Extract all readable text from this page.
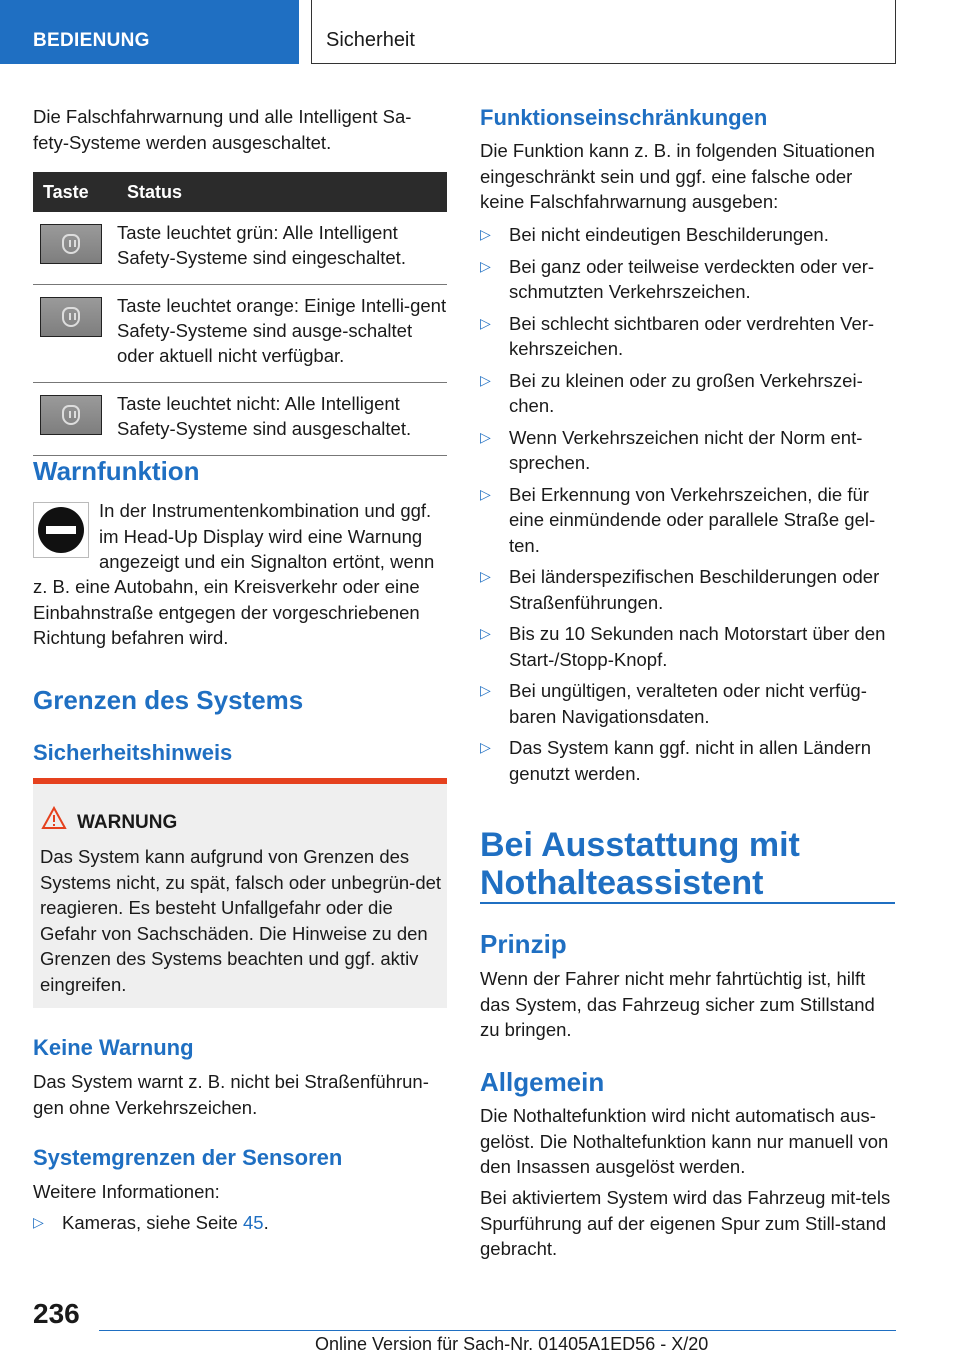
BEDIENUNG	Sicherheit

Die Falschfahrwarnung und alle Intelligent Sa-
fety-Systeme werden ausgeschaltet.

Taste	Status

	Taste leuchtet grün: Alle Intelligent Safety-Systeme sind eingeschaltet.

	Taste leuchtet orange: Einige Intelli-gent Safety-Systeme sind ausge-schaltet oder aktuell nicht verfügbar.

	Taste leuchtet nicht: Alle Intelligent Safety-Systeme sind ausgeschaltet.
Warnfunktion

In der Instrumentenkombination und ggf. im Head-Up Display wird eine Warnung angezeigt und ein Signalton ertönt, wenn

z. B. eine Autobahn, ein Kreisverkehr oder eine Einbahnstraße entgegen der vorgeschriebenen Richtung befahren wird.

Grenzen des Systems
Sicherheitshinweis
WARNUNG

Das System kann aufgrund von Grenzen des Systems nicht, zu spät, falsch oder unbegrün-det reagieren. Es besteht Unfallgefahr oder die Gefahr von Sachschäden. Die Hinweise zu den Grenzen des Systems beachten und ggf. aktiv eingreifen.

Keine Warnung

Das System warnt z. B. nicht bei Straßenführun-gen ohne Verkehrszeichen.

Systemgrenzen der Sensoren

Weitere Informationen:

▷ Kameras, siehe Seite 45.
Funktionseinschränkungen

Die Funktion kann z. B. in folgenden Situationen eingeschränkt sein und ggf. eine falsche oder keine Falschfahrwarnung ausgeben:

▷ Bei nicht eindeutigen Beschilderungen.
▷ Bei ganz oder teilweise verdeckten oder ver-schmutzten Verkehrszeichen.
▷ Bei schlecht sichtbaren oder verdrehten Ver-kehrszeichen.
▷ Bei zu kleinen oder zu großen Verkehrszei-chen.
▷ Wenn Verkehrszeichen nicht der Norm ent-sprechen.
▷ Bei Erkennung von Verkehrszeichen, die für eine einmündende oder parallele Straße gel-ten.
▷ Bei länderspezifischen Beschilderungen oder Straßenführungen.
▷ Bis zu 10 Sekunden nach Motorstart über den Start-/Stopp-Knopf.
▷ Bei ungültigen, veralteten oder nicht verfüg-baren Navigationsdaten.
▷ Das System kann ggf. nicht in allen Ländern genutzt werden.
Bei Ausstattung mit
Nothalteassistent
Prinzip

Wenn der Fahrer nicht mehr fahrtüchtig ist, hilft das System, das Fahrzeug sicher zum Stillstand zu bringen.

Allgemein

Die Nothaltefunktion wird nicht automatisch aus-gelöst. Die Nothaltefunktion kann nur manuell von den Insassen ausgelöst werden.

Bei aktiviertem System wird das Fahrzeug mit-tels Spurführung auf der eigenen Spur zum Still-stand gebracht.

236
Online Version für Sach-Nr. 01405A1ED56 - X/20
